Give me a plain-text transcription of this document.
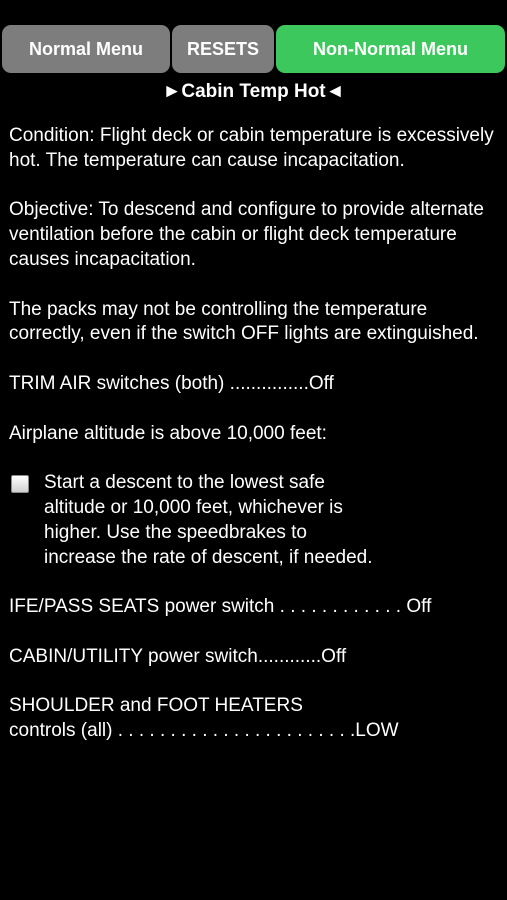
Normal Menu	RESETS	Non-Normal Menu
►Cabin Temp Hot◄

Condition: Flight deck or cabin temperature is excessively hot. The temperature can cause incapacitation.

Objective: To descend and configure to provide alternate ventilation before the cabin or flight deck temperature causes incapacitation.

The packs may not be controlling the temperature correctly, even if the switch OFF lights are extinguished.

TRIM AIR switches (both) ...............Off

Airplane altitude is above 10,000 feet:

Start a descent to the lowest safe altitude or 10,000 feet, whichever is higher. Use the speedbrakes to increase the rate of descent, if needed.

IFE/PASS SEATS power switch . . . . . . . . . . . . Off

CABIN/UTILITY power switch............Off

SHOULDER and FOOT HEATERS
controls (all) . . . . . . . . . . . . . . . . . . . . . . .LOW
